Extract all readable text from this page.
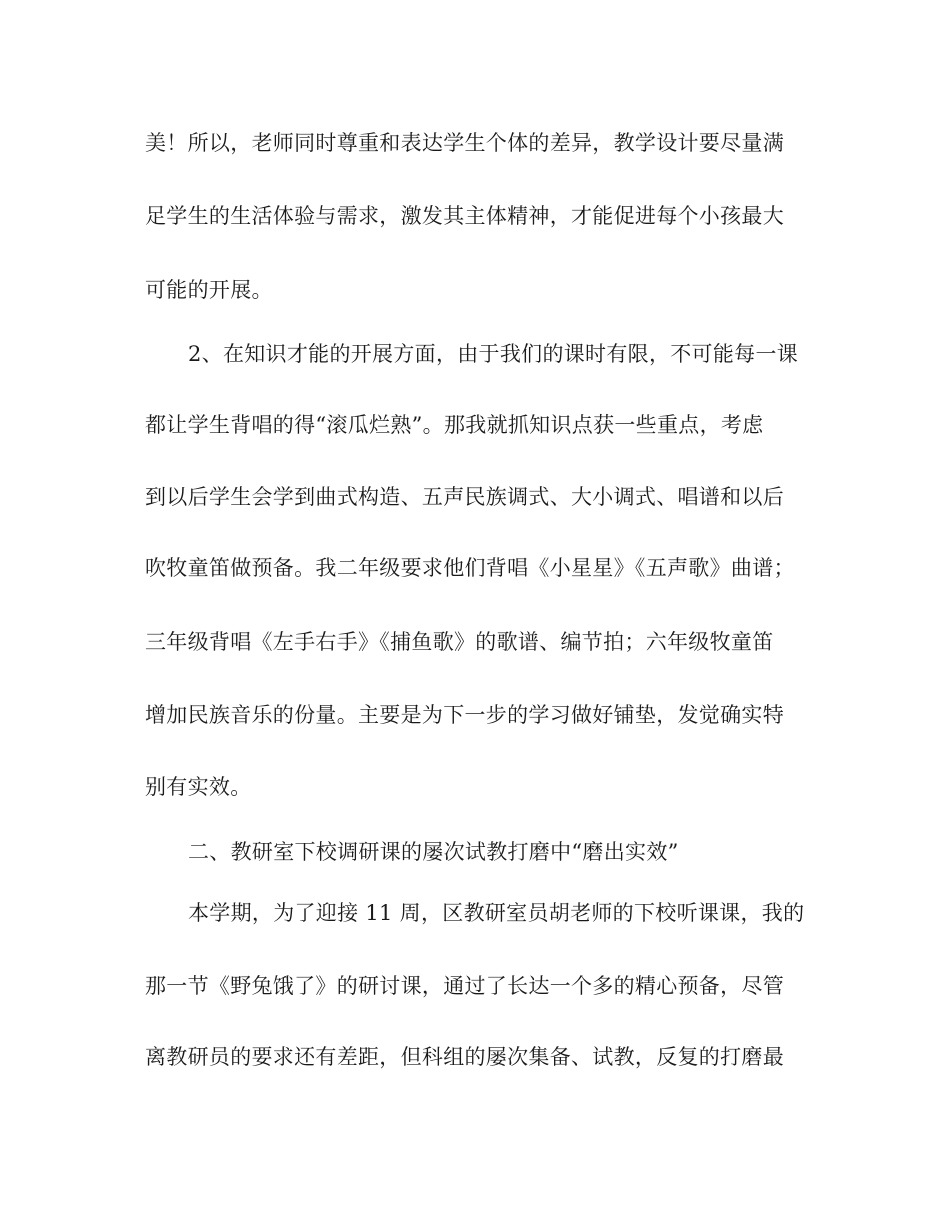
美！所以，老师同时尊重和表达学生个体的差异，教学设计要尽量满
足学生的生活体验与需求，激发其主体精神，才能促进每个小孩最大
可能的开展。
2、在知识才能的开展方面，由于我们的课时有限，不可能每一课
都让学生背唱的得“滚瓜烂熟”。那我就抓知识点获一些重点，考虑
到以后学生会学到曲式构造、五声民族调式、大小调式、唱谱和以后
吹牧童笛做预备。我二年级要求他们背唱《小星星》《五声歌》曲谱；
三年级背唱《左手右手》《捕鱼歌》的歌谱、编节拍；六年级牧童笛
增加民族音乐的份量。主要是为下一步的学习做好铺垫，发觉确实特
别有实效。
二、教研室下校调研课的屡次试教打磨中“磨出实效”
本学期，为了迎接 11 周，区教研室员胡老师的下校听课课，我的
那一节《野兔饿了》的研讨课，通过了长达一个多的精心预备，尽管
离教研员的要求还有差距，但科组的屡次集备、试教，反复的打磨最
